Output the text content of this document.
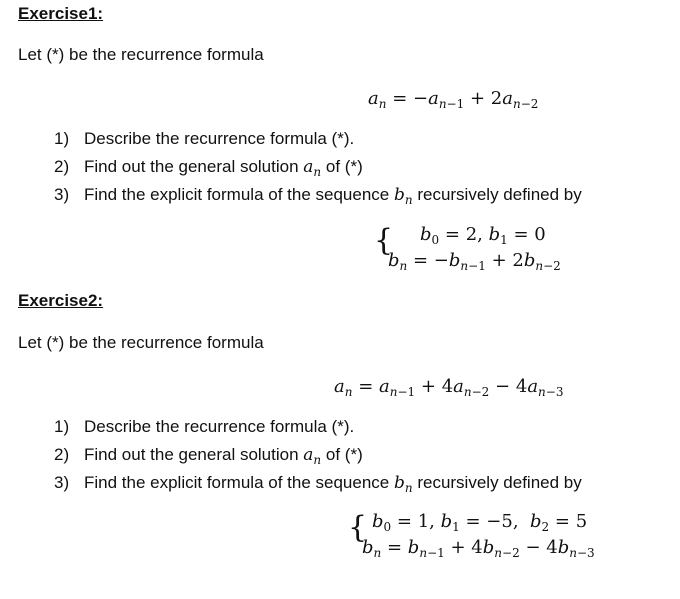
Exercise1:
Let (*) be the recurrence formula
$a_n = -a_{n-1} + 2a_{n-2}$
1) Describe the recurrence formula (*).
2) Find out the general solution $a_n$ of (*)
3) Find the explicit formula of the sequence $b_n$ recursively defined by
{ $b_0 = 2$, $b_1 = 0$
$b_n = -b_{n-1} + 2b_{n-2}$
Exercise2:
Let (*) be the recurrence formula
$a_n = a_{n-1} + 4a_{n-2} - 4a_{n-3}$
1) Describe the recurrence formula (*).
2) Find out the general solution $a_n$ of (*)
3) Find the explicit formula of the sequence $b_n$ recursively defined by
{ $b_0 = 1$, $b_1 = -5$,  $b_2 = 5$
$b_n = b_{n-1} + 4b_{n-2} - 4b_{n-3}$
